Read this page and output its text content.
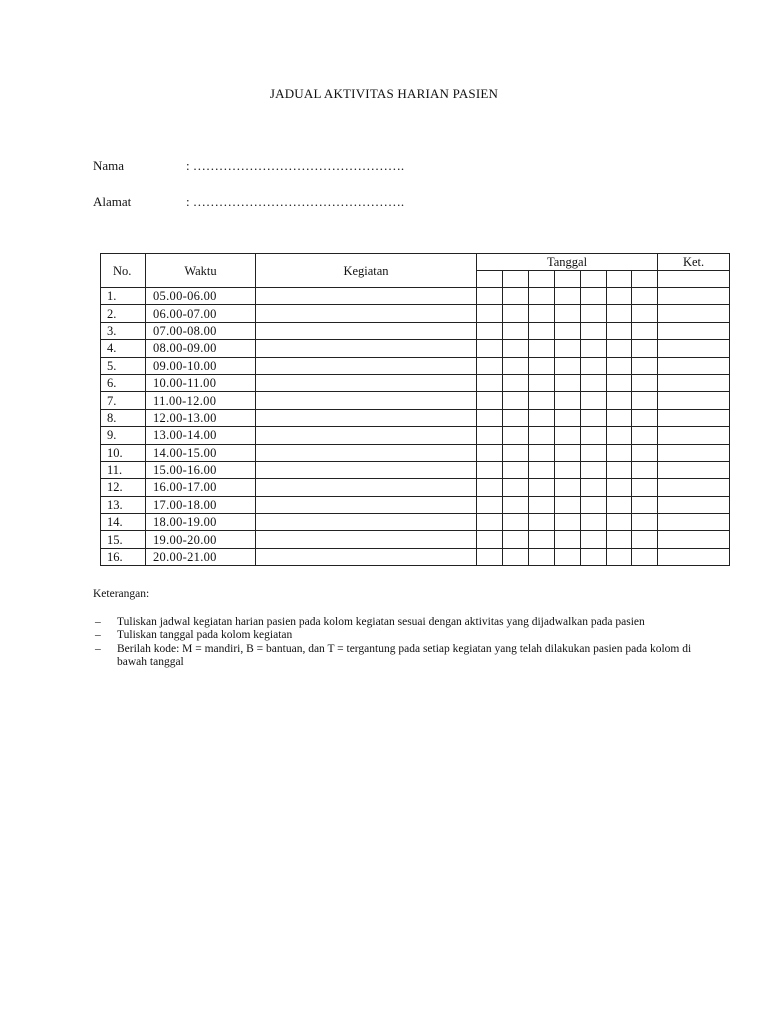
JADUAL AKTIVITAS HARIAN PASIEN
Nama	: ………………………………………….
Alamat	: ………………………………………….
No.	Waktu	Kegiatan	Tanggal							Ket.

1.	05.00-06.00									
2.	06.00-07.00									
3.	07.00-08.00									
4.	08.00-09.00									
5.	09.00-10.00									
6.	10.00-11.00									
7.	11.00-12.00									
8.	12.00-13.00									
9.	13.00-14.00									
10.	14.00-15.00									
11.	15.00-16.00									
12.	16.00-17.00									
13.	17.00-18.00									
14.	18.00-19.00									
15.	19.00-20.00									
16.	20.00-21.00									
Keterangan:
– Tuliskan jadwal kegiatan harian pasien pada kolom kegiatan sesuai dengan aktivitas yang dijadwalkan pada pasien
– Tuliskan tanggal pada kolom kegiatan
– Berilah kode: M = mandiri, B = bantuan, dan T = tergantung pada setiap kegiatan yang telah dilakukan pasien pada kolom di bawah tanggal
